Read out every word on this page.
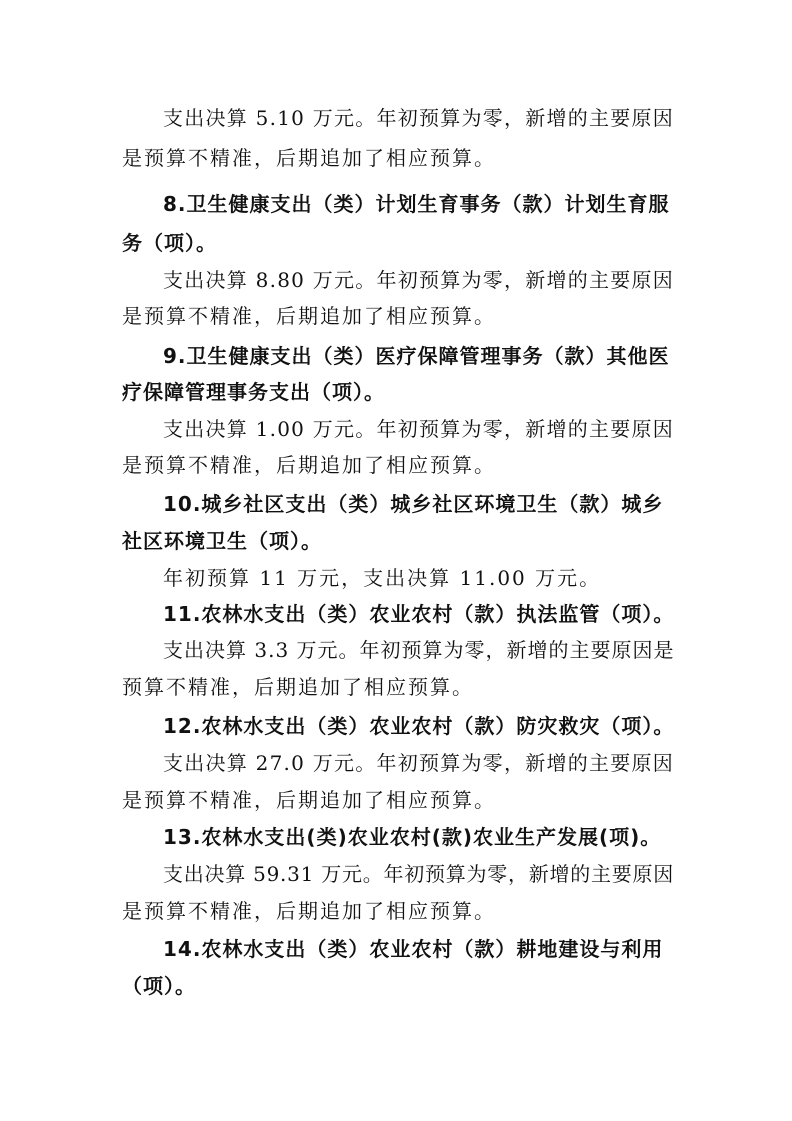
支出决算 5.10 万元。年初预算为零，新增的主要原因
是预算不精准，后期追加了相应预算。
8.卫生健康支出（类）计划生育事务（款）计划生育服
务（项）。
支出决算 8.80 万元。年初预算为零，新增的主要原因
是预算不精准，后期追加了相应预算。
9.卫生健康支出（类）医疗保障管理事务（款）其他医
疗保障管理事务支出（项）。
支出决算 1.00 万元。年初预算为零，新增的主要原因
是预算不精准，后期追加了相应预算。
10.城乡社区支出（类）城乡社区环境卫生（款）城乡
社区环境卫生（项）。
年初预算 11 万元，支出决算 11.00 万元。
11.农林水支出（类）农业农村（款）执法监管（项）。
支出决算 3.3 万元。年初预算为零，新增的主要原因是
预算不精准，后期追加了相应预算。
12.农林水支出（类）农业农村（款）防灾救灾（项）。
支出决算 27.0 万元。年初预算为零，新增的主要原因
是预算不精准，后期追加了相应预算。
13.农林水支出(类)农业农村(款)农业生产发展(项)。
支出决算 59.31 万元。年初预算为零，新增的主要原因
是预算不精准，后期追加了相应预算。
14.农林水支出（类）农业农村（款）耕地建设与利用
（项）。
